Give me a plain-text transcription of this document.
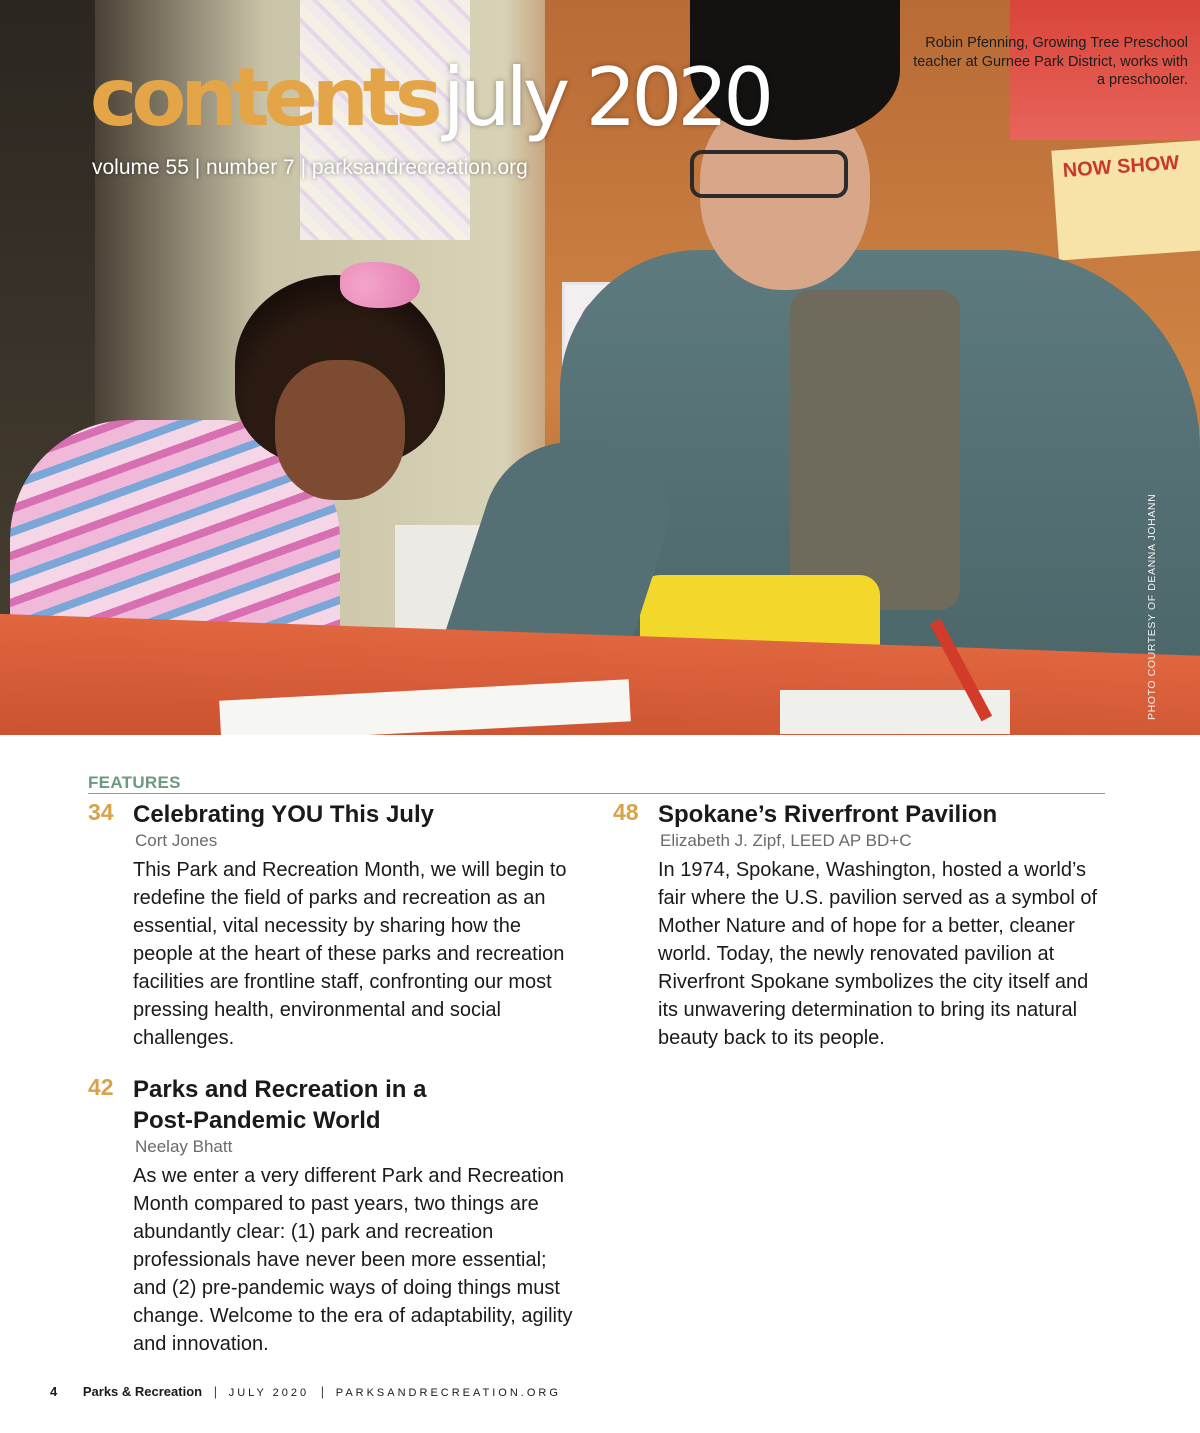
NOW SHOW
contentsjuly 2020
volume 55 | number 7 | parksandrecreation.org
Robin Pfenning, Growing Tree Preschool teacher at Gurnee Park District, works with a preschooler.
PHOTO COURTESY OF DEANNA JOHANN
FEATURES
34 Celebrating YOU This July

Cort Jones

This Park and Recreation Month, we will begin to redefine the field of parks and recreation as an essential, vital necessity by sharing how the people at the heart of these parks and recreation facilities are frontline staff, confronting our most pressing health, environmental and social challenges.

42 Parks and Recreation in a Post-Pandemic World

Neelay Bhatt

As we enter a very different Park and Recreation Month compared to past years, two things are abundantly clear: (1) park and recreation professionals have never been more essential; and (2) pre-pandemic ways of doing things must change. Welcome to the era of adaptability, agility and innovation.

48 Spokane’s Riverfront Pavilion

Elizabeth J. Zipf, LEED AP BD+C

In 1974, Spokane, Washington, hosted a world’s fair where the U.S. pavilion served as a symbol of Mother Nature and of hope for a better, cleaner world. Today, the newly renovated pavilion at Riverfront Spokane symbolizes the city itself and its unwavering determination to bring its natural beauty back to its people.

4 Parks & Recreation | JULY 2020 | PARKSANDRECREATION.ORG
